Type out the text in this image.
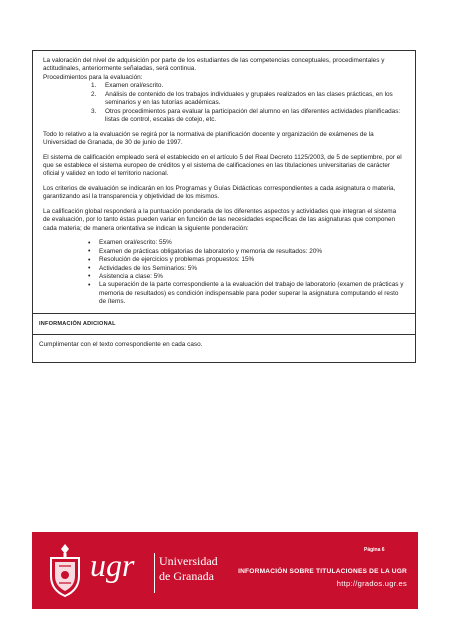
La valoración del nivel de adquisición por parte de los estudiantes de las competencias conceptuales, procedimentales y actitudinales, anteriormente señaladas, será continua.

Procedimientos para la evaluación:

1. Examen oral/escrito.
2. Análisis de contenido de los trabajos individuales y grupales realizados en las clases prácticas, en los seminarios y en las tutorías académicas.
3. Otros procedimientos para evaluar la participación del alumno en las diferentes actividades planificadas: listas de control, escalas de cotejo, etc.

Todo lo relativo a la evaluación se regirá por la normativa de planificación docente y organización de exámenes de la Universidad de Granada, de 30 de junio de 1997.

El sistema de calificación empleado será el establecido en el artículo 5 del Real Decreto 1125/2003, de 5 de septiembre, por el que se establece el sistema europeo de créditos y el sistema de calificaciones en las titulaciones universitarias de carácter oficial y validez en todo el territorio nacional.

Los criterios de evaluación se indicarán en los Programas y Guías Didácticas correspondientes a cada asignatura o materia, garantizando así la transparencia y objetividad de los mismos.

La calificación global responderá a la puntuación ponderada de los diferentes aspectos y actividades que integran el sistema de evaluación, por lo tanto éstas pueden variar en función de las necesidades específicas de las asignaturas que componen cada materia; de manera orientativa se indican la siguiente ponderación:

• Examen oral/escrito: 55%
• Examen de prácticas obligatorias de laboratorio y memoria de resultados: 20%
• Resolución de ejercicios y problemas propuestos: 15%
• Actividades de los Seminarios: 5%
• Asistencia a clase: 5%
• La superación de la parte correspondiente a la evaluación del trabajo de laboratorio (examen de prácticas y memoria de resultados) es condición indispensable para poder superar la asignatura computando el resto de ítems.
INFORMACIÓN ADICIONAL
Cumplimentar con el texto correspondiente en cada caso.
ugr Universidad
de Granada
Página 6
INFORMACIÓN SOBRE TITULACIONES DE LA UGR
http://grados.ugr.es
